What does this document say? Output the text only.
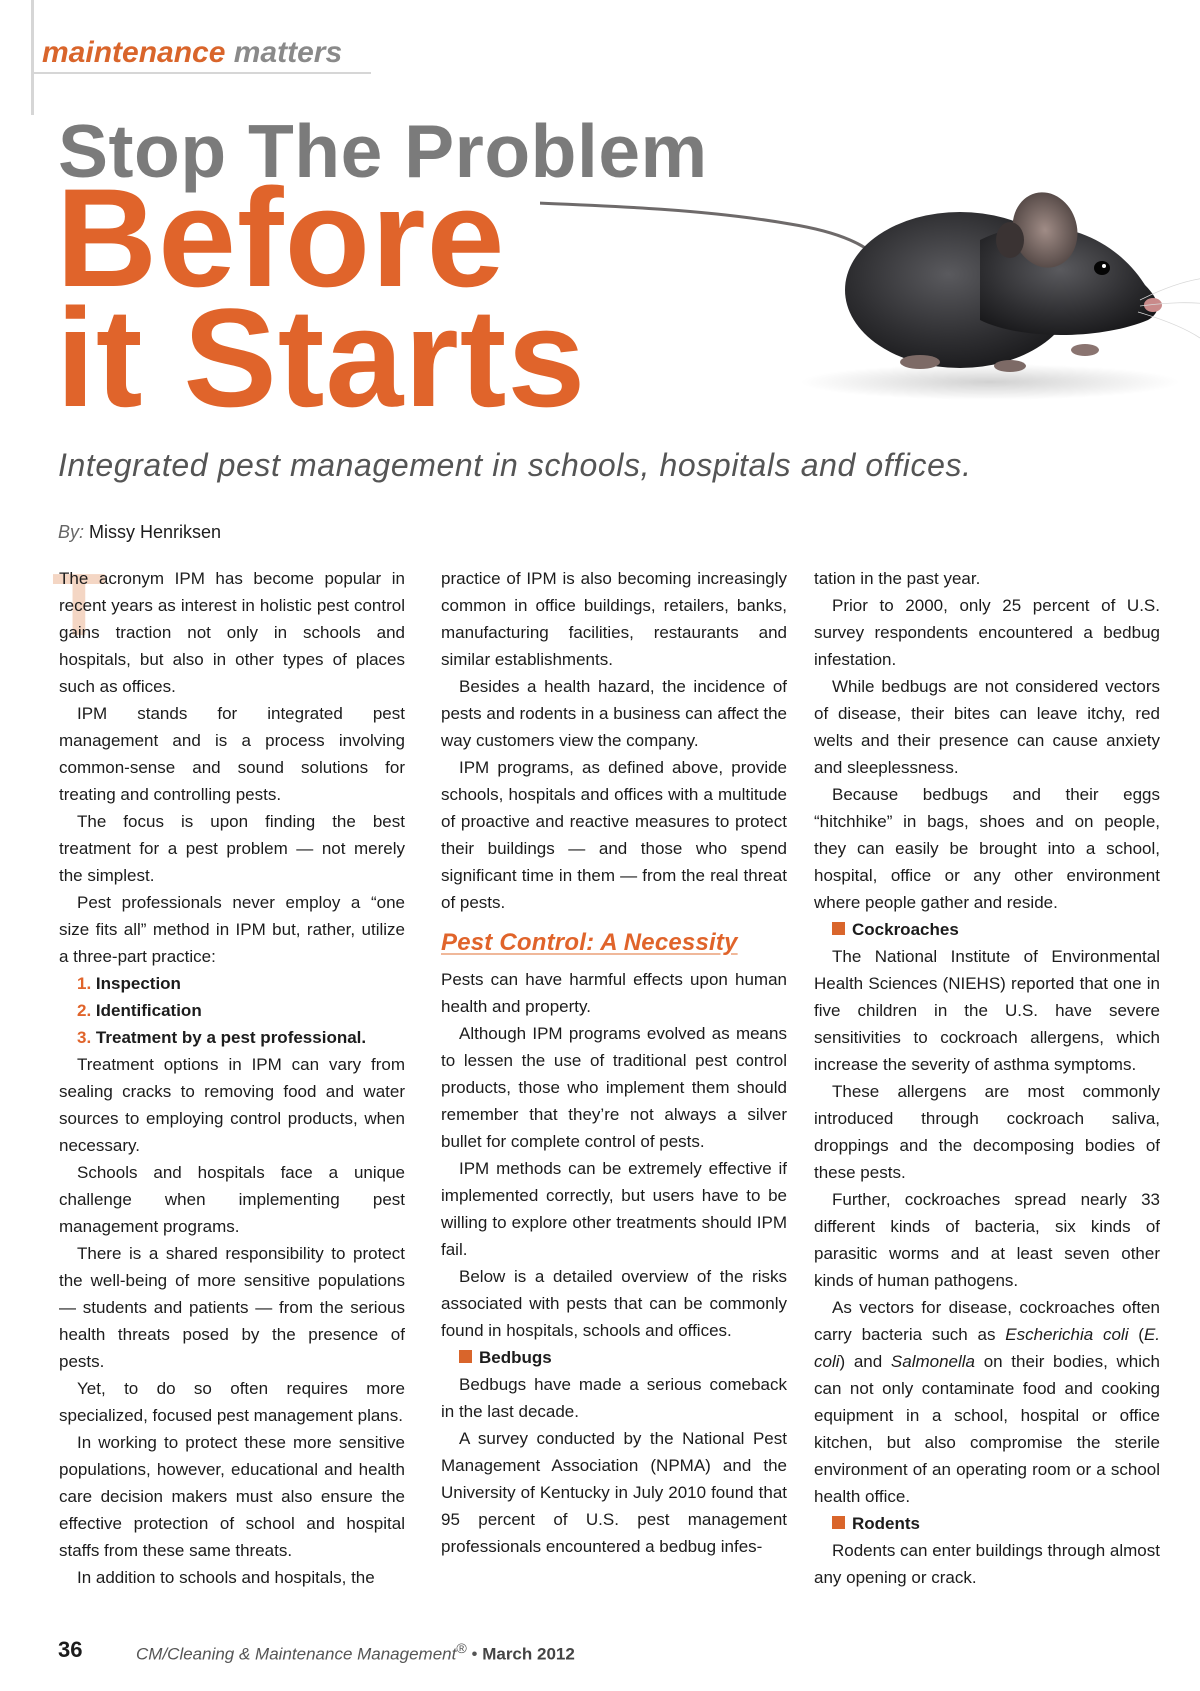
maintenance matters
Stop The Problem
Before
it Starts
Integrated pest management in schools, hospitals and offices.
By: Missy Henriksen

T
The acronym IPM has become popular in recent years as interest in holistic pest control gains traction not only in schools and hospitals, but also in other types of places such as offices.

IPM stands for integrated pest management and is a process involving common-sense and sound solutions for treating and controlling pests.

The focus is upon finding the best treatment for a pest problem — not merely the simplest.

Pest professionals never employ a “one size fits all” method in IPM but, rather, utilize a three-part practice:

1. Inspection
2. Identification
3. Treatment by a pest professional.

Treatment options in IPM can vary from sealing cracks to removing food and water sources to employing control products, when necessary.

Schools and hospitals face a unique challenge when implementing pest management programs.

There is a shared responsibility to protect the well-being of more sensitive populations — students and patients — from the serious health threats posed by the presence of pests.

Yet, to do so often requires more specialized, focused pest management plans.

In working to protect these more sensitive populations, however, educational and health care decision makers must also ensure the effective protection of school and hospital staffs from these same threats.

In addition to schools and hospitals, the

practice of IPM is also becoming increasingly common in office buildings, retailers, banks, manufacturing facilities, restaurants and similar establishments.

Besides a health hazard, the incidence of pests and rodents in a business can affect the way customers view the company.

IPM programs, as defined above, provide schools, hospitals and offices with a multitude of proactive and reactive measures to protect their buildings — and those who spend significant time in them — from the real threat of pests.

Pest Control: A Necessity

Pests can have harmful effects upon human health and property.

Although IPM programs evolved as means to lessen the use of traditional pest control products, those who implement them should remember that they’re not always a silver bullet for complete control of pests.

IPM methods can be extremely effective if implemented correctly, but users have to be willing to explore other treatments should IPM fail.

Below is a detailed overview of the risks associated with pests that can be commonly found in hospitals, schools and offices.

Bedbugs

Bedbugs have made a serious comeback in the last decade.

A survey conducted by the National Pest Management Association (NPMA) and the University of Kentucky in July 2010 found that 95 percent of U.S. pest management professionals encountered a bedbug infes-

tation in the past year.

Prior to 2000, only 25 percent of U.S. survey respondents encountered a bedbug infestation.

While bedbugs are not considered vectors of disease, their bites can leave itchy, red welts and their presence can cause anxiety and sleeplessness.

Because bedbugs and their eggs “hitchhike” in bags, shoes and on people, they can easily be brought into a school, hospital, office or any other environment where people gather and reside.

Cockroaches

The National Institute of Environmental Health Sciences (NIEHS) reported that one in five children in the U.S. have severe sensitivities to cockroach allergens, which increase the severity of asthma symptoms.

These allergens are most commonly introduced through cockroach saliva, droppings and the decomposing bodies of these pests.

Further, cockroaches spread nearly 33 different kinds of bacteria, six kinds of parasitic worms and at least seven other kinds of human pathogens.

As vectors for disease, cockroaches often carry bacteria such as Escherichia coli (E. coli) and Salmonella on their bodies, which can not only contaminate food and cooking equipment in a school, hospital or office kitchen, but also compromise the sterile environment of an operating room or a school health office.

Rodents

Rodents can enter buildings through almost any opening or crack.

36	CM/Cleaning & Maintenance Management® • March 2012
